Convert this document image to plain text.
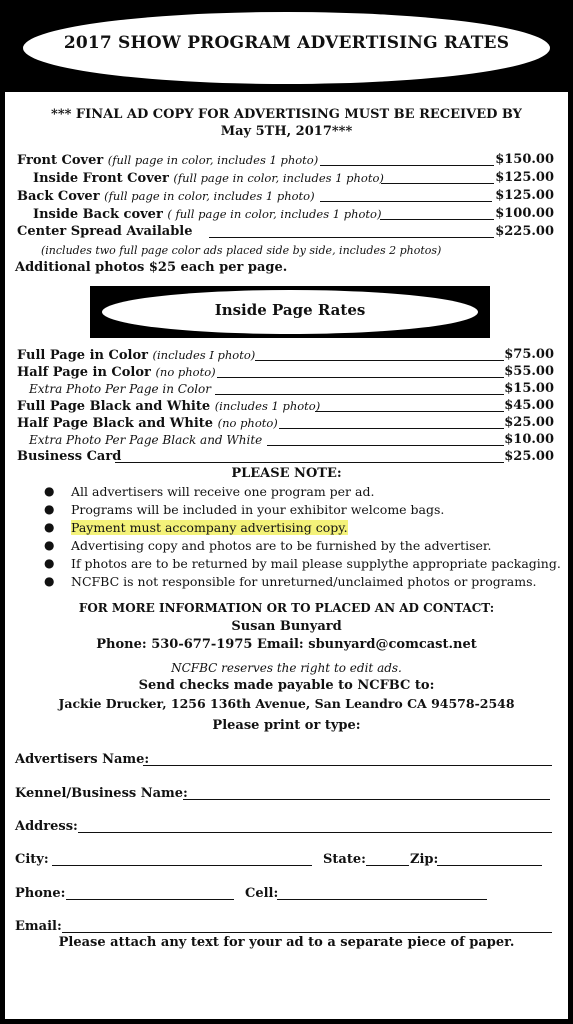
2017 SHOW PROGRAM ADVERTISING RATES
*** FINAL AD COPY FOR ADVERTISING MUST BE RECEIVED BY
May 5TH, 2017***
Front Cover (full page in color, includes 1 photo)	$150.00
Inside Front Cover (full page in color, includes 1 photo)	$125.00
Back Cover (full page in color, includes 1 photo)	$125.00
Inside Back cover ( full page in color, includes 1 photo)	$100.00
Center Spread Available	$225.00
(includes two full page color ads placed side by side, includes 2 photos)
Additional photos $25 each per page.
Inside Page Rates
Full Page in Color (includes I photo)	$75.00
Half Page in Color (no photo)	$55.00
Extra Photo Per Page in Color	$15.00
Full Page Black and White (includes 1 photo)	$45.00
Half Page Black and White (no photo)	$25.00
Extra Photo Per Page Black and White	$10.00
Business Card	$25.00
PLEASE NOTE:
● All advertisers will receive one program per ad.
● Programs will be included in your exhibitor welcome bags.
● Payment must accompany advertising copy.
● Advertising copy and photos are to be furnished by the advertiser.
● If photos are to be returned by mail please supplythe appropriate packaging.
● NCFBC is not responsible for unreturned/unclaimed photos or programs.
FOR MORE INFORMATION OR TO PLACED AN AD CONTACT:
Susan Bunyard
Phone: 530-677-1975 Email: sbunyard@comcast.net
NCFBC reserves the right to edit ads.
Send checks made payable to NCFBC to:
Jackie Drucker, 1256 136th Avenue, San Leandro CA 94578-2548
Please print or type:
Advertisers Name:
Kennel/Business Name:
Address:
City:	State:	Zip:
Phone:	Cell:
Email:
Please attach any text for your ad to a separate piece of paper.
